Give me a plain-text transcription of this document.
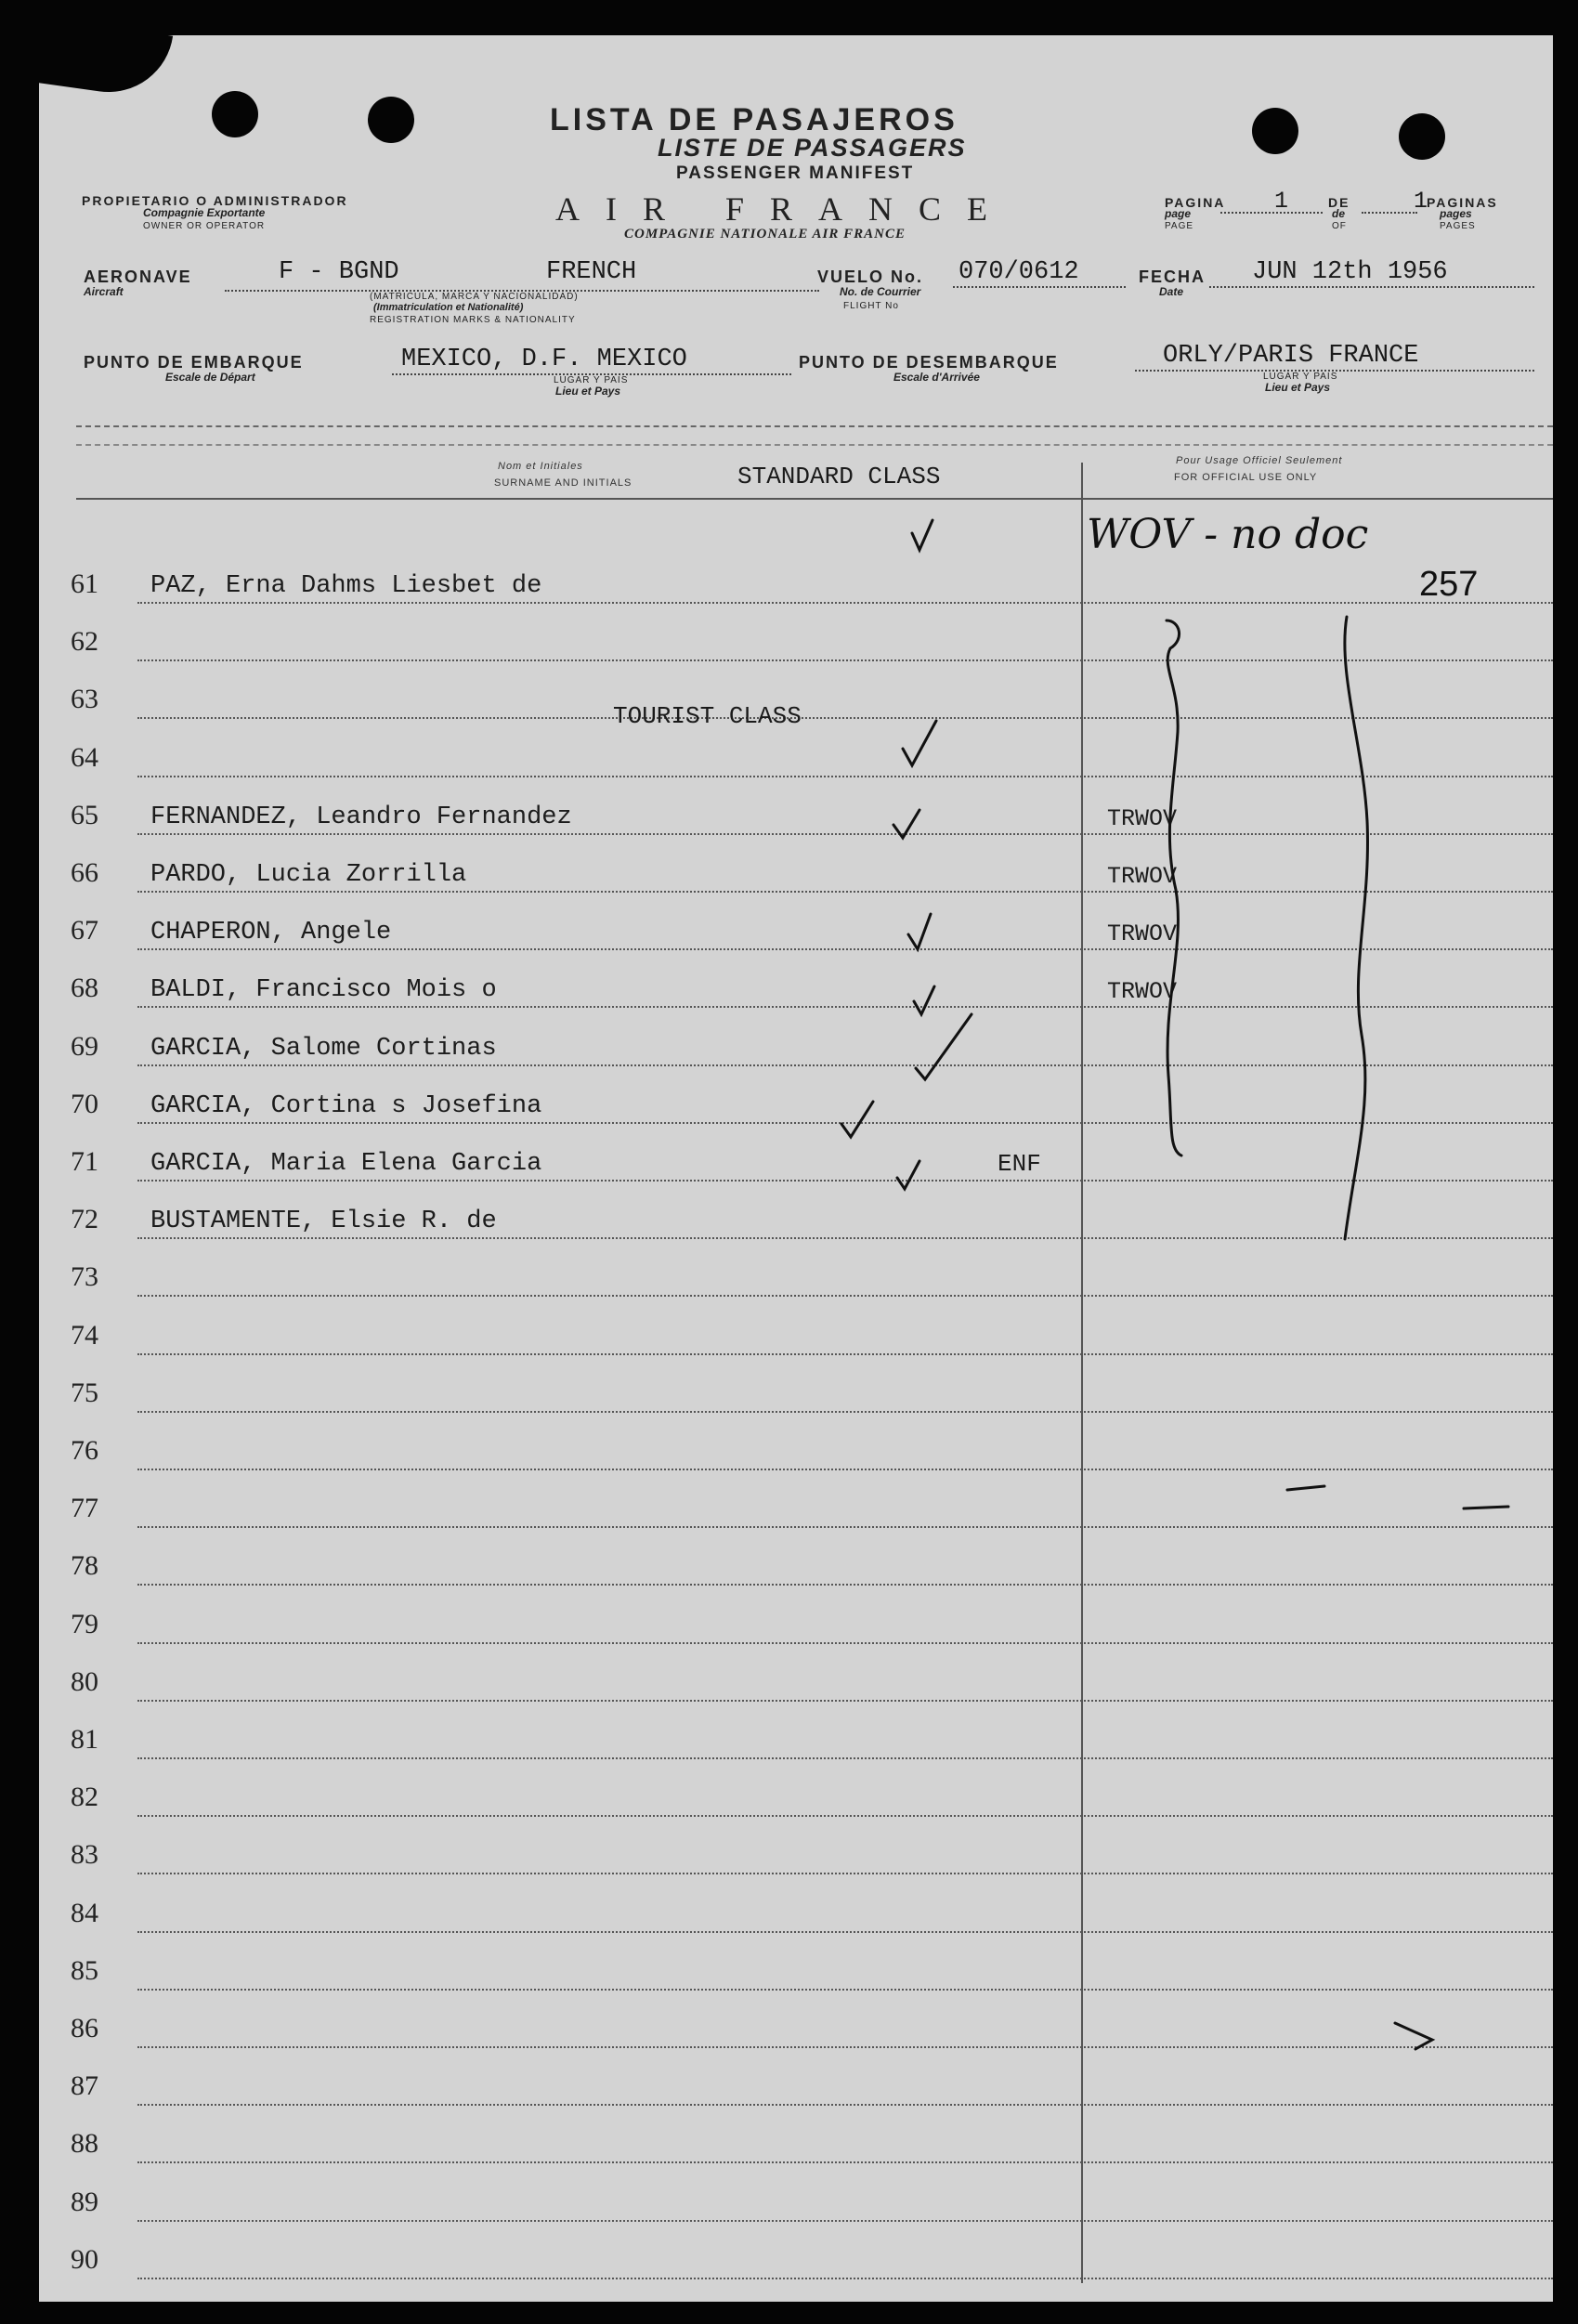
LISTA DE PASAJEROS
LISTE DE PASSAGERS
PASSENGER MANIFEST
AIR FRANCE
COMPAGNIE NATIONALE AIR FRANCE
PROPIETARIO O ADMINISTRADOR
Compagnie Exportante
OWNER OR OPERATOR
PAGINA
page
PAGE
1	DE
de
OF
1
PAGINAS
pages
PAGES
AERONAVE
Aircraft
F - BGND	FRENCH
(MATRICULA, MARCA Y NACIONALIDAD)
(Immatriculation et Nationalité)
REGISTRATION MARKS & NATIONALITY
VUELO No.
No. de Courrier
FLIGHT No
070/0612	FECHA
Date
JUN 12th 1956
PUNTO DE EMBARQUE
Escale de Départ
MEXICO, D.F. MEXICO
LUGAR Y PAIS
Lieu et Pays
PUNTO DE DESEMBARQUE
Escale d'Arrivée
ORLY/PARIS FRANCE
LUGAR Y PAIS
Lieu et Pays
Nom et Initiales
SURNAME AND INITIALS
Pour Usage Officiel Seulement
FOR OFFICIAL USE ONLY
STANDARD CLASS
61 PAZ, Erna Dahms Liesbet de
62
63
64
65 FERNANDEZ, Leandro Fernandez	TRWOV
66 PARDO, Lucia Zorrilla	TRWOV
67 CHAPERON, Angele	TRWOV
68 BALDI, Francisco Mois o	TRWOV
69 GARCIA, Salome Cortinas
70 GARCIA, Cortina s Josefina
71 GARCIA, Maria Elena Garcia	ENF
72 BUSTAMENTE, Elsie R. de
73
74
75
76
77
78
79
80
81
82
83
84
85
86
87
88
89
90
TOURIST CLASS
WOV - no doc
257
